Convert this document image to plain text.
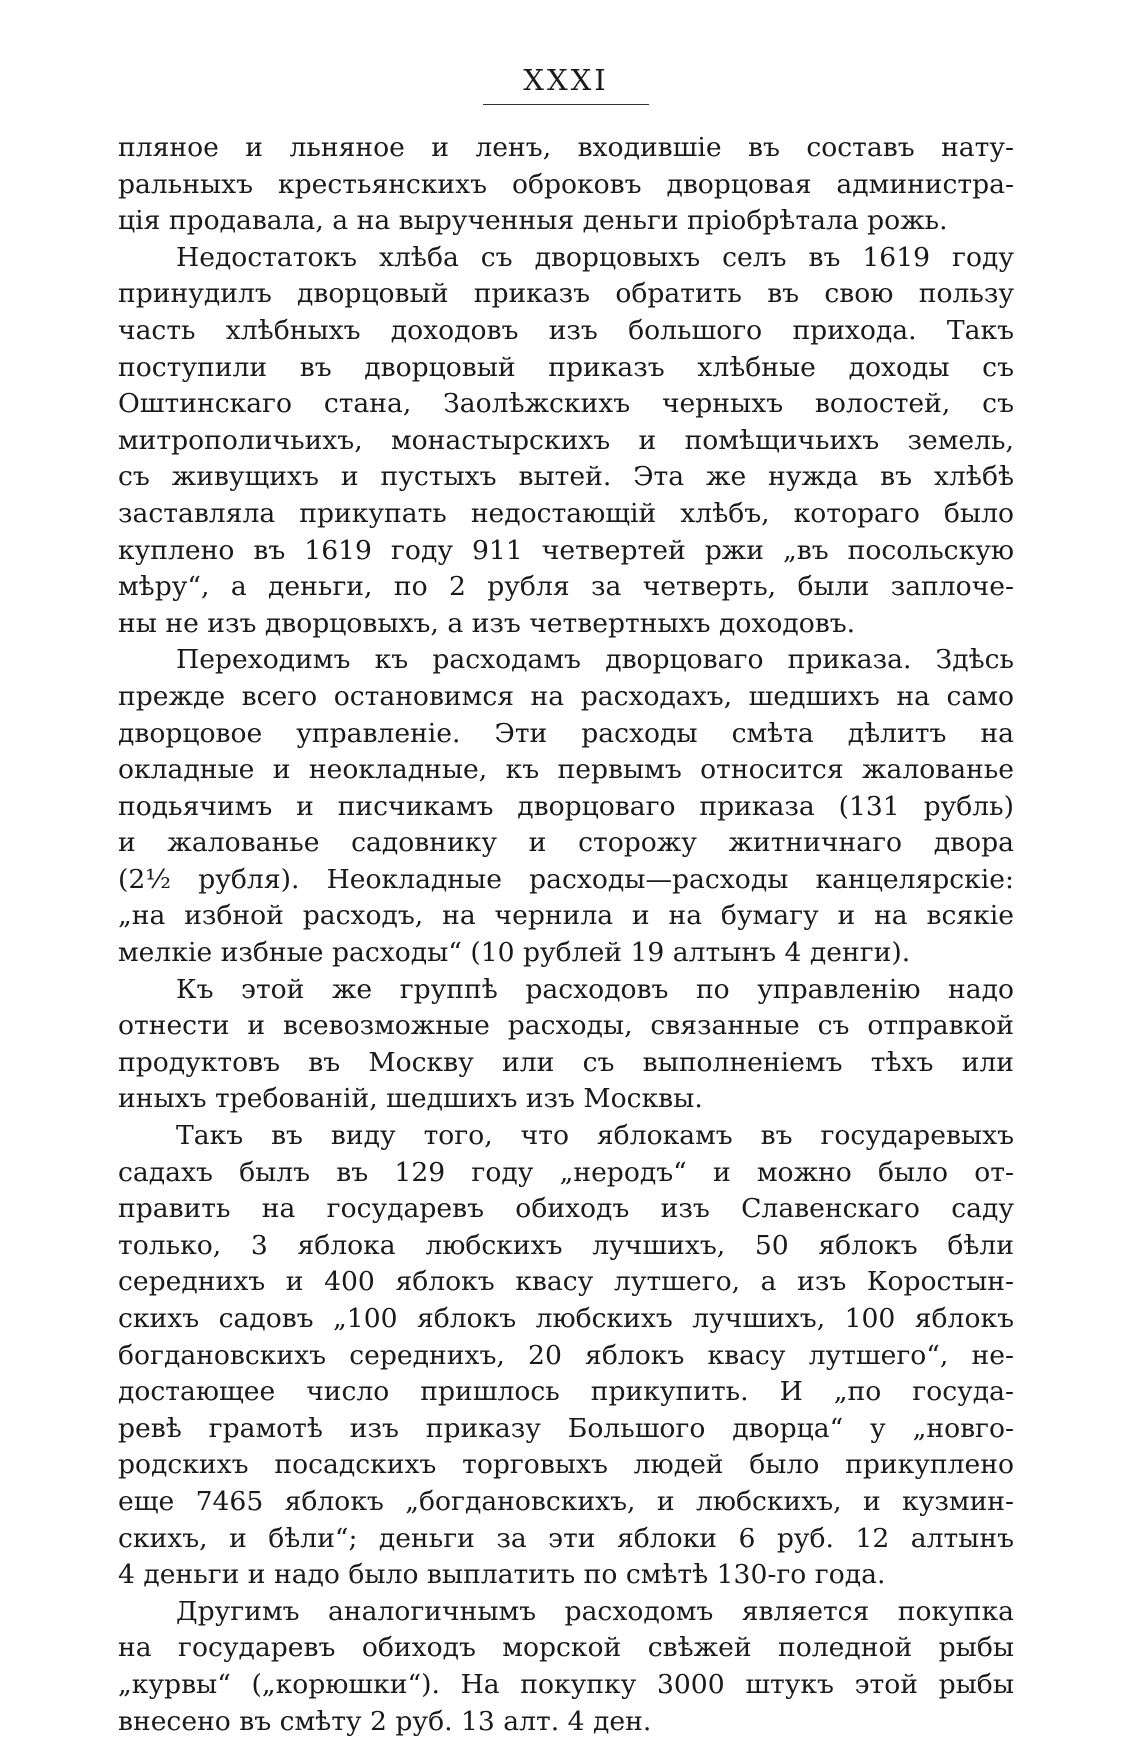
XXXI
пляное и льняное и ленъ, входившіе въ составъ нату-
ральныхъ крестьянскихъ оброковъ дворцовая администра-
ція продавала, а на вырученныя деньги пріобрѣтала рожь.
Недостатокъ хлѣба съ дворцовыхъ селъ въ 1619 году
принудилъ дворцовый приказъ обратить въ свою пользу
часть хлѣбныхъ доходовъ изъ большого прихода. Такъ
поступили въ дворцовый приказъ хлѣбные доходы съ
Оштинскаго стана, Заолѣжскихъ черныхъ волостей, съ
митрополичьихъ, монастырскихъ и помѣщичьихъ земель,
съ живущихъ и пустыхъ вытей. Эта же нужда въ хлѣбѣ
заставляла прикупать недостающій хлѣбъ, котораго было
куплено въ 1619 году 911 четвертей ржи „въ посольскую
мѣру“, а деньги, по 2 рубля за четверть, были заплоче-
ны не изъ дворцовыхъ, а изъ четвертныхъ доходовъ.
Переходимъ къ расходамъ дворцоваго приказа. Здѣсь
прежде всего остановимся на расходахъ, шедшихъ на само
дворцовое управленіе. Эти расходы смѣта дѣлитъ на
окладные и неокладные, къ первымъ относится жалованье
подьячимъ и писчикамъ дворцоваго приказа (131 рубль)
и жалованье садовнику и сторожу житничнаго двора
(2½ рубля). Неокладные расходы—расходы канцелярскіе:
„на избной расходъ, на чернила и на бумагу и на всякіе
мелкіе избные расходы“ (10 рублей 19 алтынъ 4 денги).
Къ этой же группѣ расходовъ по управленію надо
отнести и всевозможные расходы, связанные съ отправкой
продуктовъ въ Москву или съ выполненіемъ тѣхъ или
иныхъ требованій, шедшихъ изъ Москвы.
Такъ въ виду того, что яблокамъ въ государевыхъ
садахъ былъ въ 129 году „неродъ“ и можно было от-
править на государевъ обиходъ изъ Славенскаго саду
только, 3 яблока любскихъ лучшихъ, 50 яблокъ бѣли
середнихъ и 400 яблокъ квасу лутшего, а изъ Коростын-
скихъ садовъ „100 яблокъ любскихъ лучшихъ, 100 яблокъ
богдановскихъ середнихъ, 20 яблокъ квасу лутшего“, не-
достающее число пришлось прикупить. И „по госуда-
ревѣ грамотѣ изъ приказу Большого дворца“ у „новго-
родскихъ посадскихъ торговыхъ людей было прикуплено
еще 7465 яблокъ „богдановскихъ, и любскихъ, и кузмин-
скихъ, и бѣли“; деньги за эти яблоки 6 руб. 12 алтынъ
4 деньги и надо было выплатить по смѣтѣ 130-го года.
Другимъ аналогичнымъ расходомъ является покупка
на государевъ обиходъ морской свѣжей поледной рыбы
„курвы“ („корюшки“). На покупку 3000 штукъ этой рыбы
внесено въ смѣту 2 руб. 13 алт. 4 ден.
